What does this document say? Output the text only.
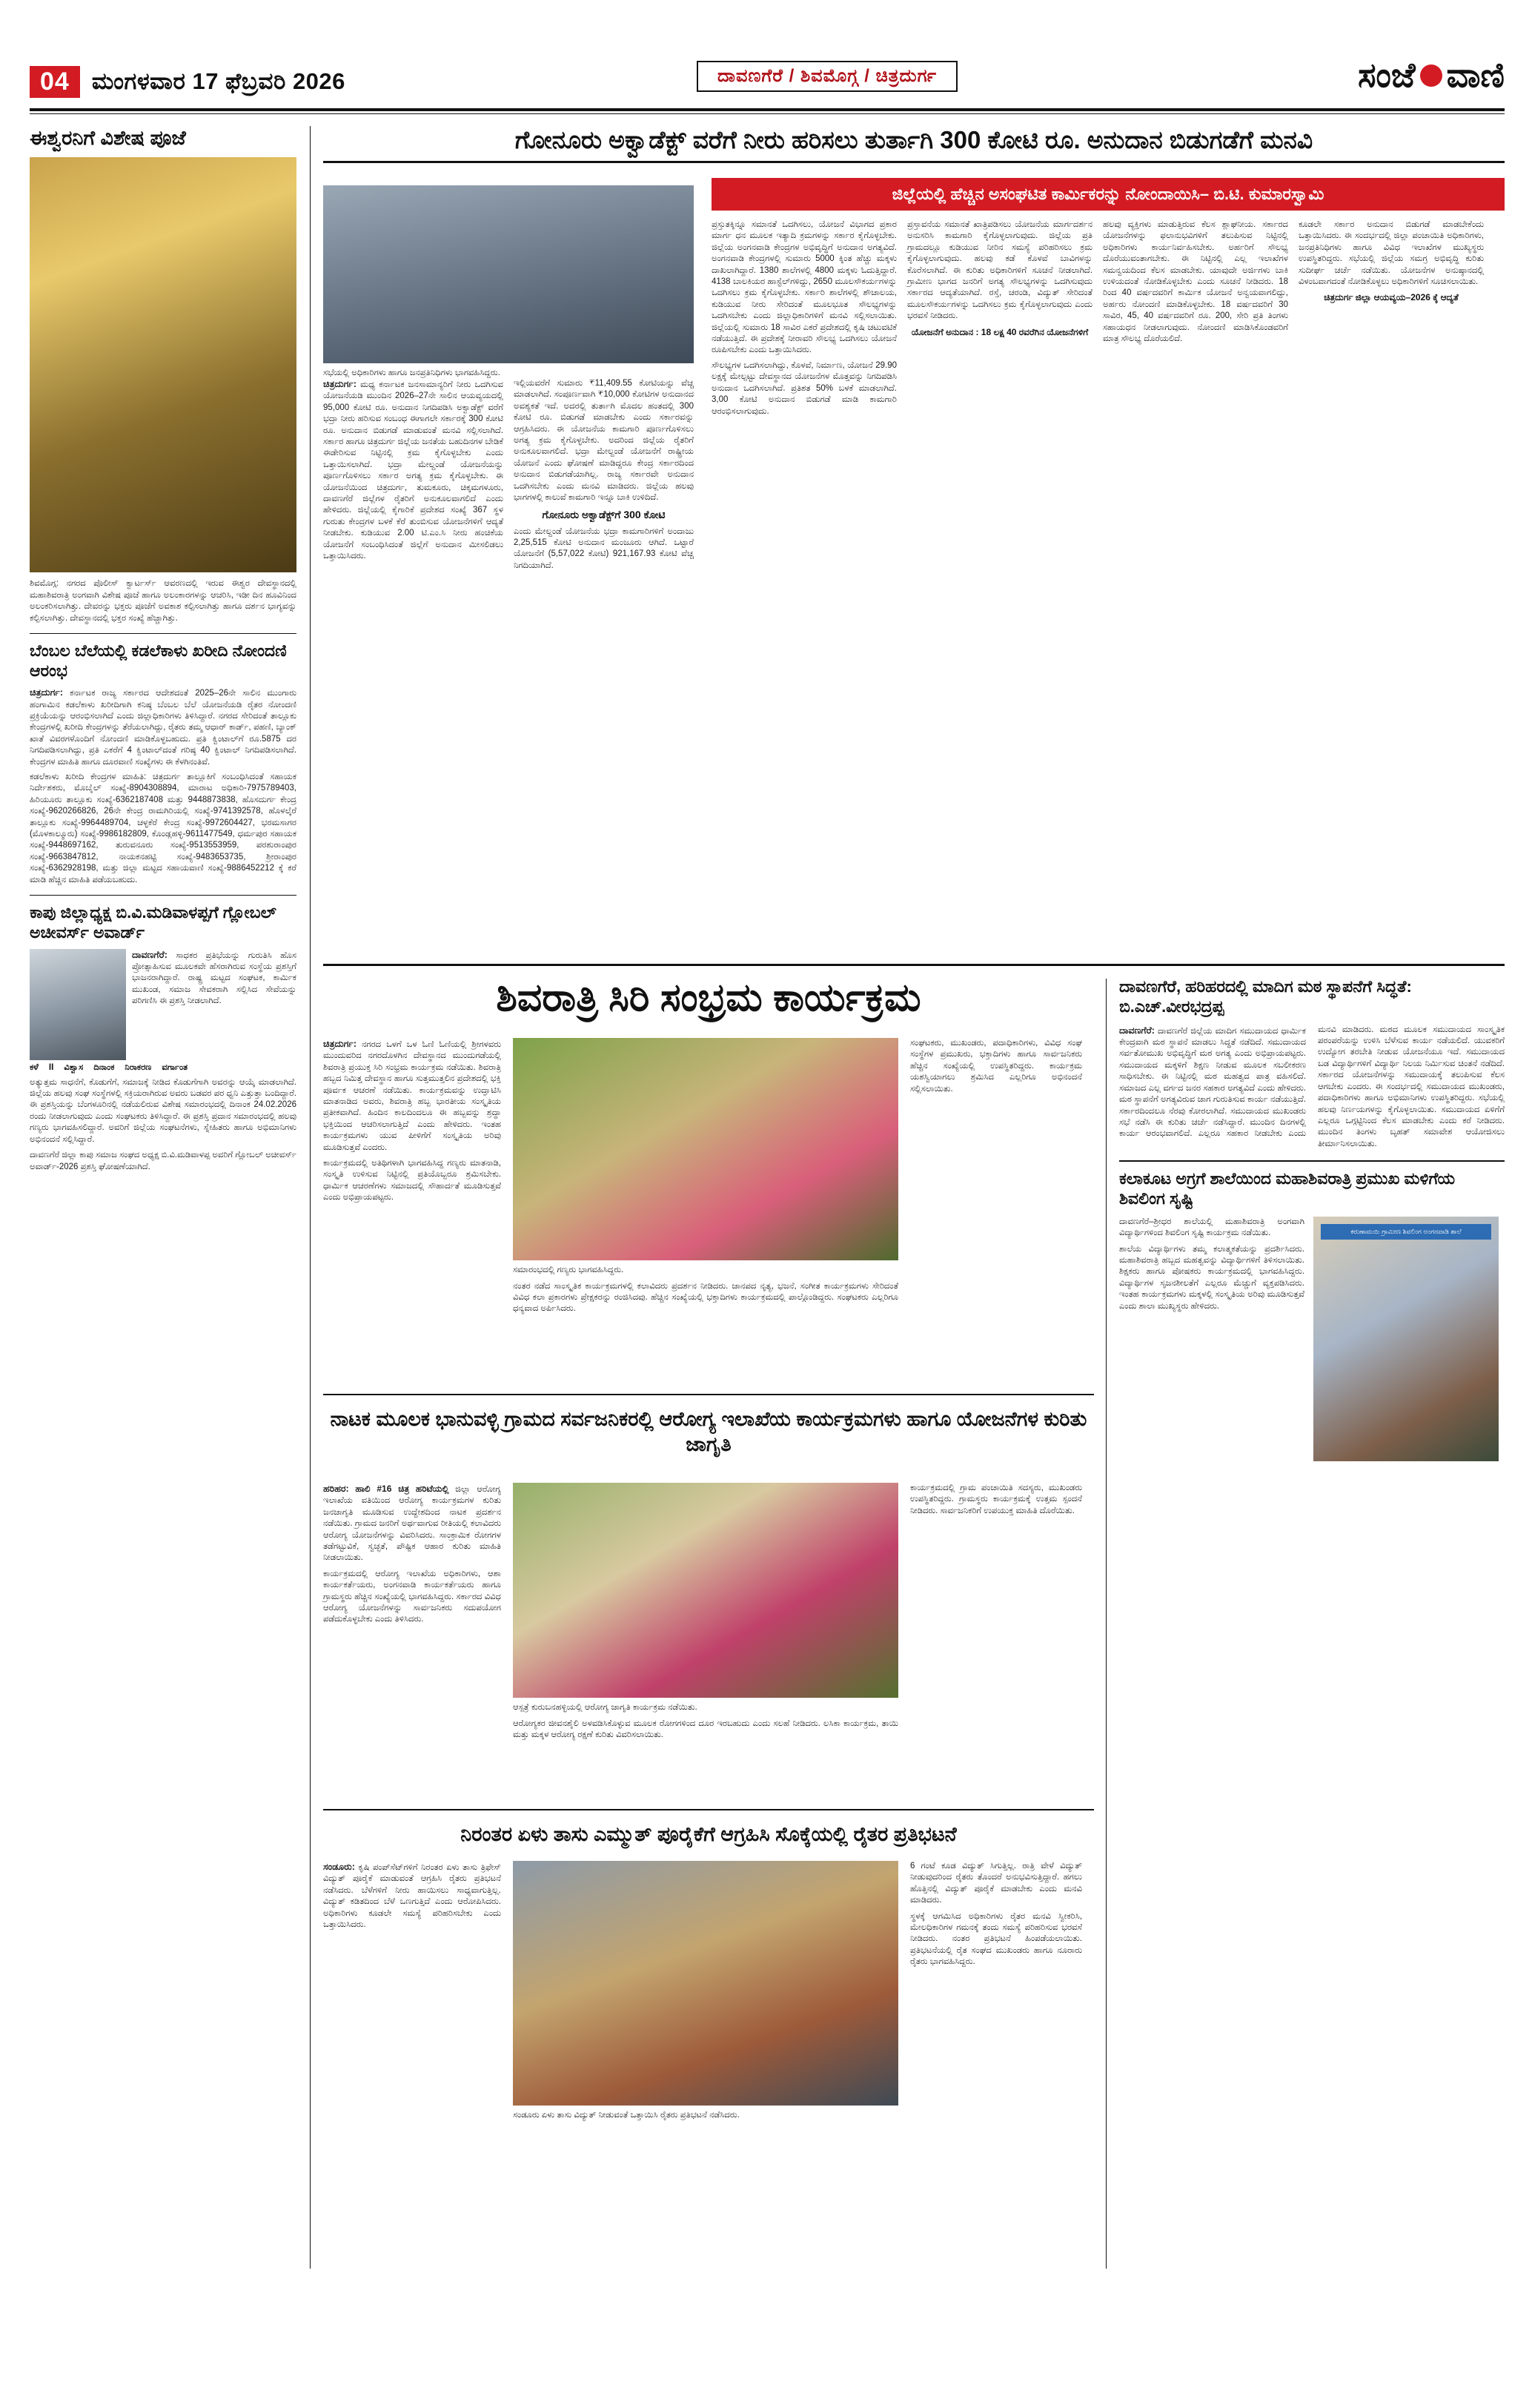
04 ಮಂಗಳವಾರ 17 ಫೆಬ್ರವರಿ 2026	ದಾವಣಗೆರೆ / ಶಿವಮೊಗ್ಗ / ಚಿತ್ರದುರ್ಗ	ಸಂಜೆ ವಾಣಿ
ಈಶ್ವರನಿಗೆ ವಿಶೇಷ ಪೂಜೆ
ಶಿವಮೊಗ್ಗ: ನಗರದ ಪೊಲೀಸ್ ಕ್ವಾರ್ಟರ್ಸ್ ಆವರಣದಲ್ಲಿ ಇರುವ ಈಶ್ವರ ದೇವಸ್ಥಾನದಲ್ಲಿ ಮಹಾಶಿವರಾತ್ರಿ ಅಂಗವಾಗಿ ವಿಶೇಷ ಪೂಜೆ ಹಾಗೂ ಅಲಂಕಾರಗಳನ್ನು ಆಚರಿಸಿ, ಇಡೀ ದಿನ ಹೂವಿನಿಂದ ಅಲಂಕರಿಸಲಾಗಿತ್ತು. ದೇವರನ್ನು ಭಕ್ತರು ಪೂಜೆಗೆ ಅವಕಾಶ ಕಲ್ಪಿಸಲಾಗಿತ್ತು ಹಾಗೂ ದರ್ಶನ ಭಾಗ್ಯವನ್ನು ಕಲ್ಪಿಸಲಾಗಿತ್ತು. ದೇವಸ್ಥಾನದಲ್ಲಿ ಭಕ್ತರ ಸಂಖ್ಯೆ ಹೆಚ್ಚಾಗಿತ್ತು.
ಬೆಂಬಲ ಬೆಲೆಯಲ್ಲಿ ಕಡಲೆಕಾಳು ಖರೀದಿ ನೋಂದಣಿ ಆರಂಭ
ಚಿತ್ರದುರ್ಗ: ಕರ್ನಾಟಕ ರಾಜ್ಯ ಸರ್ಕಾರದ ಆದೇಶದಂತೆ 2025–26ನೇ ಸಾಲಿನ ಮುಂಗಾರು ಹಂಗಾಮಿನ ಕಡಲೆಕಾಳು ಖರೀದಿಗಾಗಿ ಕನಿಷ್ಠ ಬೆಂಬಲ ಬೆಲೆ ಯೋಜನೆಯಡಿ ರೈತರ ನೋಂದಣಿ ಪ್ರಕ್ರಿಯೆಯನ್ನು ಆರಂಭಿಸಲಾಗಿದೆ ಎಂದು ಜಿಲ್ಲಾಧಿಕಾರಿಗಳು ತಿಳಿಸಿದ್ದಾರೆ. ನಗರದ ಸೇರಿದಂತೆ ತಾಲ್ಲೂಕು ಕೇಂದ್ರಗಳಲ್ಲಿ ಖರೀದಿ ಕೇಂದ್ರಗಳನ್ನು ತೆರೆಯಲಾಗಿದ್ದು, ರೈತರು ತಮ್ಮ ಆಧಾರ್ ಕಾರ್ಡ್, ಪಹಣಿ, ಬ್ಯಾಂಕ್ ಖಾತೆ ವಿವರಗಳೊಂದಿಗೆ ನೋಂದಣಿ ಮಾಡಿಕೊಳ್ಳಬಹುದು. ಪ್ರತಿ ಕ್ವಿಂಟಾಲ್‌ಗೆ ರೂ.5875 ದರ ನಿಗದಿಪಡಿಸಲಾಗಿದ್ದು, ಪ್ರತಿ ಎಕರೆಗೆ 4 ಕ್ವಿಂಟಾಲ್‌ದಂತೆ ಗರಿಷ್ಠ 40 ಕ್ವಿಂಟಾಲ್ ನಿಗದಿಪಡಿಸಲಾಗಿದೆ. ಕೇಂದ್ರಗಳ ಮಾಹಿತಿ ಹಾಗೂ ದೂರವಾಣಿ ಸಂಖ್ಯೆಗಳು ಈ ಕೆಳಗಿನಂತಿವೆ.
ಕಡಲೆಕಾಳು ಖರೀದಿ ಕೇಂದ್ರಗಳ ಮಾಹಿತಿ: ಚಿತ್ರದುರ್ಗ ತಾಲ್ಲೂಕಿಗೆ ಸಂಬಂಧಿಸಿದಂತೆ ಸಹಾಯಕ ನಿರ್ದೇಶಕರು, ಮೊಬೈಲ್ ಸಂಖ್ಯೆ-8904308894, ಮಾರಾಟ ಅಧಿಕಾರಿ-7975789403, ಹಿರಿಯೂರು ತಾಲ್ಲೂಕು ಸಂಖ್ಯೆ-6362187408 ಮತ್ತು 9448873838, ಹೊಸದುರ್ಗ ಕೇಂದ್ರ ಸಂಖ್ಯೆ-9620266826, 26ನೇ ಕೇಂದ್ರ ರಾಮಗಿರಿಯಲ್ಲಿ ಸಂಖ್ಯೆ-9741392578, ಹೊಳಲ್ಕೆರೆ ತಾಲ್ಲೂಕು ಸಂಖ್ಯೆ-9964489704, ಚಳ್ಳಕೆರೆ ಕೇಂದ್ರ ಸಂಖ್ಯೆ-9972604427, ಭರಮಸಾಗರ (ಮೊಳಕಾಲ್ಮೂರು) ಸಂಖ್ಯೆ-9986182809, ಕೊಂಡ್ಲಹಳ್ಳಿ-9611477549, ಧರ್ಮಪುರ ಸಹಾಯಕ ಸಂಖ್ಯೆ-9448697162, ತುರುವನೂರು ಸಂಖ್ಯೆ-9513553959, ಪರಶುರಾಂಪುರ ಸಂಖ್ಯೆ-9663847812, ನಾಯಕನಹಟ್ಟಿ ಸಂಖ್ಯೆ-9483653735, ಶ್ರೀರಾಂಪುರ ಸಂಖ್ಯೆ-6362928198, ಮತ್ತು ಜಿಲ್ಲಾ ಮಟ್ಟದ ಸಹಾಯವಾಣಿ ಸಂಖ್ಯೆ-9886452212 ಕ್ಕೆ ಕರೆ ಮಾಡಿ ಹೆಚ್ಚಿನ ಮಾಹಿತಿ ಪಡೆಯಬಹುದು.
ಕಾಪು ಜಿಲ್ಲಾಧ್ಯಕ್ಷ ಬಿ.ವಿ.ಮಡಿವಾಳಪ್ಪಗೆ ಗ್ಲೋಬಲ್ ಅಚೀವರ್ಸ್ ಅವಾರ್ಡ್
ದಾವಣಗೆರೆ: ಸಾಧಕರ ಪ್ರತಿಭೆಯನ್ನು ಗುರುತಿಸಿ ಹೊಸ ಪ್ರೋತ್ಸಾಹಿಸುವ ಮೂಲಕವೇ ಹೆಸರಾಗಿರುವ ಸಂಸ್ಥೆಯ ಪ್ರಶಸ್ತಿಗೆ ಭಾಜನರಾಗಿದ್ದಾರೆ. ರಾಷ್ಟ್ರ ಮಟ್ಟದ ಸಂಘಟಕ, ಕಾರ್ಮಿಕ ಮುಖಂಡ, ಸಮಾಜ ಸೇವಕರಾಗಿ ಸಲ್ಲಿಸಿದ ಸೇವೆಯನ್ನು ಪರಿಗಣಿಸಿ ಈ ಪ್ರಶಸ್ತಿ ನೀಡಲಾಗಿದೆ.
ಕಳೆ II ವಿಶ್ವಾಸ ದಿನಾಂಕ ನಿರಾಕರಣ ವರ್ಗಾಂತ
ಅತ್ಯುತ್ತಮ ಸಾಧನೆಗೆ, ಕೊಡುಗೆಗೆ, ಸಮಾಜಕ್ಕೆ ನೀಡಿದ ಕೊಡುಗೆಗಾಗಿ ಅವರನ್ನು ಆಯ್ಕೆ ಮಾಡಲಾಗಿದೆ. ಜಿಲ್ಲೆಯ ಹಲವು ಸಂಘ ಸಂಸ್ಥೆಗಳಲ್ಲಿ ಸಕ್ರಿಯರಾಗಿರುವ ಅವರು ಬಡವರ ಪರ ಧ್ವನಿ ಎತ್ತುತ್ತಾ ಬಂದಿದ್ದಾರೆ. ಈ ಪ್ರಶಸ್ತಿಯನ್ನು ಬೆಂಗಳೂರಿನಲ್ಲಿ ನಡೆಯಲಿರುವ ವಿಶೇಷ ಸಮಾರಂಭದಲ್ಲಿ ದಿನಾಂಕ 24.02.2026 ರಂದು ನೀಡಲಾಗುವುದು ಎಂದು ಸಂಘಟಕರು ತಿಳಿಸಿದ್ದಾರೆ. ಈ ಪ್ರಶಸ್ತಿ ಪ್ರದಾನ ಸಮಾರಂಭದಲ್ಲಿ ಹಲವು ಗಣ್ಯರು ಭಾಗವಹಿಸಲಿದ್ದಾರೆ. ಅವರಿಗೆ ಜಿಲ್ಲೆಯ ಸಂಘಟನೆಗಳು, ಸ್ನೇಹಿತರು ಹಾಗೂ ಅಭಿಮಾನಿಗಳು ಅಭಿನಂದನೆ ಸಲ್ಲಿಸಿದ್ದಾರೆ.
ದಾವಣಗೆರೆ ಜಿಲ್ಲಾ ಕಾಪು ಸಮಾಜ ಸಂಘದ ಅಧ್ಯಕ್ಷ ಬಿ.ವಿ.ಮಡಿವಾಳಪ್ಪ ಅವರಿಗೆ ಗ್ಲೋಬಲ್ ಅಚೀವರ್ಸ್ ಅವಾರ್ಡ್-2026 ಪ್ರಶಸ್ತಿ ಘೋಷಣೆಯಾಗಿದೆ.
ಗೋನೂರು ಅಕ್ವಾಡೆಕ್ಟ್ ವರೆಗೆ ನೀರು ಹರಿಸಲು ತುರ್ತಾಗಿ 300 ಕೋಟಿ ರೂ. ಅನುದಾನ ಬಿಡುಗಡೆಗೆ ಮನವಿ
ಜಿಲ್ಲೆಯಲ್ಲಿ ಹೆಚ್ಚಿನ ಅಸಂಘಟಿತ ಕಾರ್ಮಿಕರನ್ನು ನೋಂದಾಯಿಸಿ– ಬಿ.ಟಿ. ಕುಮಾರಸ್ವಾಮಿ
ಸಭೆಯಲ್ಲಿ ಅಧಿಕಾರಿಗಳು ಹಾಗೂ ಜನಪ್ರತಿನಿಧಿಗಳು ಭಾಗವಹಿಸಿದ್ದರು.
ಚಿತ್ರದುರ್ಗ: ಮಧ್ಯ ಕರ್ನಾಟಕ ಜನಸಾಮಾನ್ಯರಿಗೆ ನೀರು ಒದಗಿಸುವ ಯೋಜನೆಯಡಿ ಮುಂದಿನ 2026–27ನೇ ಸಾಲಿನ ಆಯವ್ಯಯದಲ್ಲಿ 95,000 ಕೋಟಿ ರೂ. ಅನುದಾನ ನಿಗದಿಪಡಿಸಿ ಅಕ್ವಾಡೆಕ್ಟ್ ವರೆಗೆ ಭದ್ರಾ ನೀರು ಹರಿಸುವ ಸಂಬಂಧ ಈಗಾಗಲೇ ಸರ್ಕಾರಕ್ಕೆ 300 ಕೋಟಿ ರೂ. ಅನುದಾನ ಬಿಡುಗಡೆ ಮಾಡುವಂತೆ ಮನವಿ ಸಲ್ಲಿಸಲಾಗಿದೆ. ಸರ್ಕಾರ ಹಾಗೂ ಚಿತ್ರದುರ್ಗ ಜಿಲ್ಲೆಯ ಜನತೆಯ ಬಹುದಿನಗಳ ಬೇಡಿಕೆ ಈಡೇರಿಸುವ ನಿಟ್ಟಿನಲ್ಲಿ ಕ್ರಮ ಕೈಗೊಳ್ಳಬೇಕು ಎಂದು ಒತ್ತಾಯಿಸಲಾಗಿದೆ. ಭದ್ರಾ ಮೇಲ್ದಂಡೆ ಯೋಜನೆಯನ್ನು ಪೂರ್ಣಗೊಳಿಸಲು ಸರ್ಕಾರ ಅಗತ್ಯ ಕ್ರಮ ಕೈಗೊಳ್ಳಬೇಕು. ಈ ಯೋಜನೆಯಿಂದ ಚಿತ್ರದುರ್ಗ, ತುಮಕೂರು, ಚಿಕ್ಕಮಗಳೂರು, ದಾವಣಗೆರೆ ಜಿಲ್ಲೆಗಳ ರೈತರಿಗೆ ಅನುಕೂಲವಾಗಲಿದೆ ಎಂದು ಹೇಳಿದರು. ಜಿಲ್ಲೆಯಲ್ಲಿ ಕೈಗಾರಿಕೆ ಪ್ರದೇಶದ ಸಂಖ್ಯೆ 367 ಸ್ಥಳ ಗುರುತು ಕೇಂದ್ರಗಳ ಬಳಕೆ ಕೆರೆ ತುಂಬಿಸುವ ಯೋಜನೆಗಳಿಗೆ ಆದ್ಯತೆ ನೀಡಬೇಕು. ಕುಡಿಯುವ 2.00 ಟಿ.ಎಂ.ಸಿ ನೀರು ಹಂಚಿಕೆಯ ಯೋಜನೆಗೆ ಸಂಬಂಧಿಸಿದಂತೆ ಜಿಲ್ಲೆಗೆ ಅನುದಾನ ಮೀಸಲಿಡಲು ಒತ್ತಾಯಿಸಿದರು.
ಇಲ್ಲಿಯವರೆಗೆ ಸುಮಾರು ₹11,409.55 ಕೋಟಿಯನ್ನು ವೆಚ್ಚ ಮಾಡಲಾಗಿದೆ. ಸಂಪೂರ್ಣವಾಗಿ ₹10,000 ಕೋಟಿಗಳ ಅನುದಾನದ ಅವಶ್ಯಕತೆ ಇದೆ. ಅದರಲ್ಲಿ ತುರ್ತಾಗಿ ಮೊದಲ ಹಂತದಲ್ಲಿ 300 ಕೋಟಿ ರೂ. ಬಿಡುಗಡೆ ಮಾಡಬೇಕು ಎಂದು ಸರ್ಕಾರವನ್ನು ಆಗ್ರಹಿಸಿದರು. ಈ ಯೋಜನೆಯ ಕಾಮಗಾರಿ ಪೂರ್ಣಗೊಳಿಸಲು ಅಗತ್ಯ ಕ್ರಮ ಕೈಗೊಳ್ಳಬೇಕು. ಅದರಿಂದ ಜಿಲ್ಲೆಯ ರೈತರಿಗೆ ಅನುಕೂಲವಾಗಲಿದೆ. ಭದ್ರಾ ಮೇಲ್ದಂಡೆ ಯೋಜನೆಗೆ ರಾಷ್ಟ್ರೀಯ ಯೋಜನೆ ಎಂದು ಘೋಷಣೆ ಮಾಡಿದ್ದರೂ ಕೇಂದ್ರ ಸರ್ಕಾರದಿಂದ ಅನುದಾನ ಬಿಡುಗಡೆಯಾಗಿಲ್ಲ. ರಾಜ್ಯ ಸರ್ಕಾರವೇ ಅನುದಾನ ಒದಗಿಸಬೇಕು ಎಂದು ಮನವಿ ಮಾಡಿದರು. ಜಿಲ್ಲೆಯ ಹಲವು ಭಾಗಗಳಲ್ಲಿ ಕಾಲುವೆ ಕಾಮಗಾರಿ ಇನ್ನೂ ಬಾಕಿ ಉಳಿದಿದೆ.
ಗೋನೂರು ಅಕ್ವಾಡೆಕ್ಟ್‌ಗೆ 300 ಕೋಟಿ
ಎಂದು ಮೇಲ್ದಂಡೆ ಯೋಜನೆಯ ಭದ್ರಾ ಕಾಮಗಾರಿಗಳಿಗೆ ಅಂದಾಜು 2,25,515 ಕೋಟಿ ಅನುದಾನ ಮಂಜೂರು ಆಗಿದೆ. ಒಟ್ಟಾರೆ ಯೋಜನೆಗೆ (5,57,022 ಕೋಟಿ) 921,167.93 ಕೋಟಿ ವೆಚ್ಚ ನಿಗದಿಯಾಗಿದೆ.
ಪ್ರಸ್ತುತಕ್ಕಿನ್ನೂ ಸಮಾನತೆ ಒದಗಿಸಲು, ಯೋಜನೆ ವಿಭಾಗದ ಪ್ರಕಾರ ಮಾರ್ಗ ಧನ ಮೂಲಕ ಇತ್ಯಾದಿ ಕ್ರಮಗಳನ್ನು ಸರ್ಕಾರ ಕೈಗೊಳ್ಳಬೇಕು. ಜಿಲ್ಲೆಯ ಅಂಗನವಾಡಿ ಕೇಂದ್ರಗಳ ಅಭಿವೃದ್ಧಿಗೆ ಅನುದಾನ ಅಗತ್ಯವಿದೆ. ಅಂಗನವಾಡಿ ಕೇಂದ್ರಗಳಲ್ಲಿ ಸುಮಾರು 5000 ಕ್ಕಿಂತ ಹೆಚ್ಚು ಮಕ್ಕಳು ದಾಖಲಾಗಿದ್ದಾರೆ. 1380 ಶಾಲೆಗಳಲ್ಲಿ 4800 ಮಕ್ಕಳು ಓದುತ್ತಿದ್ದಾರೆ. 4138 ಬಾಲಕಿಯರ ಹಾಸ್ಟೆಲ್‌ಗಳಿದ್ದು, 2650 ಮೂಲಸೌಕರ್ಯಗಳನ್ನು ಒದಗಿಸಲು ಕ್ರಮ ಕೈಗೊಳ್ಳಬೇಕು. ಸರ್ಕಾರಿ ಶಾಲೆಗಳಲ್ಲಿ ಶೌಚಾಲಯ, ಕುಡಿಯುವ ನೀರು ಸೇರಿದಂತೆ ಮೂಲಭೂತ ಸೌಲಭ್ಯಗಳನ್ನು ಒದಗಿಸಬೇಕು ಎಂದು ಜಿಲ್ಲಾಧಿಕಾರಿಗಳಿಗೆ ಮನವಿ ಸಲ್ಲಿಸಲಾಯಿತು. ಜಿಲ್ಲೆಯಲ್ಲಿ ಸುಮಾರು 18 ಸಾವಿರ ಎಕರೆ ಪ್ರದೇಶದಲ್ಲಿ ಕೃಷಿ ಚಟುವಟಿಕೆ ನಡೆಯುತ್ತಿದೆ. ಈ ಪ್ರದೇಶಕ್ಕೆ ನೀರಾವರಿ ಸೌಲಭ್ಯ ಒದಗಿಸಲು ಯೋಜನೆ ರೂಪಿಸಬೇಕು ಎಂದು ಒತ್ತಾಯಿಸಿದರು.
ಸೌಲಭ್ಯಗಳ ಒದಗಿಸಲಾಗಿದ್ದು, ಕೊಳವೆ, ನಿರ್ಮಾಣ, ಯೋಜನೆ 29.90 ಲಕ್ಷಕ್ಕೆ ಮೇಲ್ಪಟ್ಟು ದೇವಸ್ಥಾನದ ಯೋಜನೆಗಳ ಮೊತ್ತವನ್ನು ನಿಗದಿಪಡಿಸಿ ಅನುದಾನ ಒದಗಿಸಲಾಗಿದೆ. ಪ್ರತಿಶತ 50% ಬಳಕೆ ಮಾಡಲಾಗಿದೆ. 3,00 ಕೋಟಿ ಅನುದಾನ ಬಿಡುಗಡೆ ಮಾಡಿ ಕಾಮಗಾರಿ ಆರಂಭಿಸಲಾಗುವುದು.
ಪ್ರಸ್ತಾವನೆಯ ಸಮಾನತೆ ಖಾತ್ರಿಪಡಿಸಲು ಯೋಜನೆಯ ಮಾರ್ಗದರ್ಶನ ಅನುಸರಿಸಿ ಕಾಮಗಾರಿ ಕೈಗೊಳ್ಳಲಾಗುವುದು. ಜಿಲ್ಲೆಯ ಪ್ರತಿ ಗ್ರಾಮದಲ್ಲೂ ಕುಡಿಯುವ ನೀರಿನ ಸಮಸ್ಯೆ ಪರಿಹರಿಸಲು ಕ್ರಮ ಕೈಗೊಳ್ಳಲಾಗುವುದು. ಹಲವು ಕಡೆ ಕೊಳವೆ ಬಾವಿಗಳನ್ನು ಕೊರೆಸಲಾಗಿದೆ. ಈ ಕುರಿತು ಅಧಿಕಾರಿಗಳಿಗೆ ಸೂಚನೆ ನೀಡಲಾಗಿದೆ. ಗ್ರಾಮೀಣ ಭಾಗದ ಜನರಿಗೆ ಅಗತ್ಯ ಸೌಲಭ್ಯಗಳನ್ನು ಒದಗಿಸುವುದು ಸರ್ಕಾರದ ಆದ್ಯತೆಯಾಗಿದೆ. ರಸ್ತೆ, ಚರಂಡಿ, ವಿದ್ಯುತ್ ಸೇರಿದಂತೆ ಮೂಲಸೌಕರ್ಯಗಳನ್ನು ಒದಗಿಸಲು ಕ್ರಮ ಕೈಗೊಳ್ಳಲಾಗುವುದು ಎಂದು ಭರವಸೆ ನೀಡಿದರು.
ಯೋಜನೆಗೆ ಅನುದಾನ : 18 ಲಕ್ಷ 40 ರವರೆಗಿನ ಯೋಜನೆಗಳಿಗೆ
ಹಲವು ವ್ಯಕ್ತಿಗಳು ಮಾಡುತ್ತಿರುವ ಕೆಲಸ ಶ್ಲಾಘನೀಯ. ಸರ್ಕಾರದ ಯೋಜನೆಗಳನ್ನು ಫಲಾನುಭವಿಗಳಿಗೆ ತಲುಪಿಸುವ ನಿಟ್ಟಿನಲ್ಲಿ ಅಧಿಕಾರಿಗಳು ಕಾರ್ಯನಿರ್ವಹಿಸಬೇಕು. ಅರ್ಹರಿಗೆ ಸೌಲಭ್ಯ ದೊರೆಯುವಂತಾಗಬೇಕು. ಈ ನಿಟ್ಟಿನಲ್ಲಿ ಎಲ್ಲ ಇಲಾಖೆಗಳ ಸಮನ್ವಯದಿಂದ ಕೆಲಸ ಮಾಡಬೇಕು. ಯಾವುದೇ ಅರ್ಜಿಗಳು ಬಾಕಿ ಉಳಿಯದಂತೆ ನೋಡಿಕೊಳ್ಳಬೇಕು ಎಂದು ಸೂಚನೆ ನೀಡಿದರು. 18 ರಿಂದ 40 ವರ್ಷದವರಿಗೆ ಕಾರ್ಮಿಕ ಯೋಜನೆ ಅನ್ವಯವಾಗಲಿದ್ದು, ಅರ್ಹರು ನೋಂದಣಿ ಮಾಡಿಕೊಳ್ಳಬೇಕು. 18 ವರ್ಷದವರಿಗೆ 30 ಸಾವಿರ, 45, 40 ವರ್ಷದವರಿಗೆ ರೂ. 200, ಸೇರಿ ಪ್ರತಿ ತಿಂಗಳು ಸಹಾಯಧನ ನೀಡಲಾಗುವುದು. ನೋಂದಣಿ ಮಾಡಿಸಿಕೊಂಡವರಿಗೆ ಮಾತ್ರ ಸೌಲಭ್ಯ ದೊರೆಯಲಿದೆ.
ಕೂಡಲೇ ಸರ್ಕಾರ ಅನುದಾನ ಬಿಡುಗಡೆ ಮಾಡಬೇಕೆಂದು ಒತ್ತಾಯಿಸಿದರು. ಈ ಸಂದರ್ಭದಲ್ಲಿ ಜಿಲ್ಲಾ ಪಂಚಾಯಿತಿ ಅಧಿಕಾರಿಗಳು, ಜನಪ್ರತಿನಿಧಿಗಳು ಹಾಗೂ ವಿವಿಧ ಇಲಾಖೆಗಳ ಮುಖ್ಯಸ್ಥರು ಉಪಸ್ಥಿತರಿದ್ದರು. ಸಭೆಯಲ್ಲಿ ಜಿಲ್ಲೆಯ ಸಮಗ್ರ ಅಭಿವೃದ್ಧಿ ಕುರಿತು ಸುದೀರ್ಘ ಚರ್ಚೆ ನಡೆಯಿತು. ಯೋಜನೆಗಳ ಅನುಷ್ಠಾನದಲ್ಲಿ ವಿಳಂಬವಾಗದಂತೆ ನೋಡಿಕೊಳ್ಳಲು ಅಧಿಕಾರಿಗಳಿಗೆ ಸೂಚಿಸಲಾಯಿತು.
ಚಿತ್ರದುರ್ಗ ಜಿಲ್ಲಾ ಆಯವ್ಯಯ–2026 ಕ್ಕೆ ಆದ್ಯತೆ
ಶಿವರಾತ್ರಿ ಸಿರಿ ಸಂಭ್ರಮ ಕಾರ್ಯಕ್ರಮ
ಚಿತ್ರದುರ್ಗ: ನಗರದ ಒಳಗೆ ಒಳ ಓಣಿ ಓಣಿಯಲ್ಲಿ ಶ್ರೀಗಳವರು ಮುಂದುವರಿದ ನಗರದೊಳಗಿನ ದೇವಸ್ಥಾನದ ಮುಂದುಗಡೆಯಲ್ಲಿ ಶಿವರಾತ್ರಿ ಪ್ರಯುಕ್ತ ಸಿರಿ ಸಂಭ್ರಮ ಕಾರ್ಯಕ್ರಮ ನಡೆಯಿತು. ಶಿವರಾತ್ರಿ ಹಬ್ಬದ ನಿಮಿತ್ತ ದೇವಸ್ಥಾನ ಹಾಗೂ ಸುತ್ತಮುತ್ತಲಿನ ಪ್ರದೇಶದಲ್ಲಿ ಭಕ್ತಿ ಪೂರ್ವಕ ಆಚರಣೆ ನಡೆಯಿತು. ಕಾರ್ಯಕ್ರಮವನ್ನು ಉದ್ಘಾಟಿಸಿ ಮಾತನಾಡಿದ ಅವರು, ಶಿವರಾತ್ರಿ ಹಬ್ಬ ಭಾರತೀಯ ಸಂಸ್ಕೃತಿಯ ಪ್ರತೀಕವಾಗಿದೆ. ಹಿಂದಿನ ಕಾಲದಿಂದಲೂ ಈ ಹಬ್ಬವನ್ನು ಶ್ರದ್ಧಾ ಭಕ್ತಿಯಿಂದ ಆಚರಿಸಲಾಗುತ್ತಿದೆ ಎಂದು ಹೇಳಿದರು. ಇಂತಹ ಕಾರ್ಯಕ್ರಮಗಳು ಯುವ ಪೀಳಿಗೆಗೆ ಸಂಸ್ಕೃತಿಯ ಅರಿವು ಮೂಡಿಸುತ್ತವೆ ಎಂದರು.
ಕಾರ್ಯಕ್ರಮದಲ್ಲಿ ಅತಿಥಿಗಳಾಗಿ ಭಾಗವಹಿಸಿದ್ದ ಗಣ್ಯರು ಮಾತನಾಡಿ, ಸಂಸ್ಕೃತಿ ಉಳಿಸುವ ನಿಟ್ಟಿನಲ್ಲಿ ಪ್ರತಿಯೊಬ್ಬರೂ ಶ್ರಮಿಸಬೇಕು. ಧಾರ್ಮಿಕ ಆಚರಣೆಗಳು ಸಮಾಜದಲ್ಲಿ ಸೌಹಾರ್ದತೆ ಮೂಡಿಸುತ್ತವೆ ಎಂದು ಅಭಿಪ್ರಾಯಪಟ್ಟರು.
ಸಮಾರಂಭದಲ್ಲಿ ಗಣ್ಯರು ಭಾಗವಹಿಸಿದ್ದರು.
ನಂತರ ನಡೆದ ಸಾಂಸ್ಕೃತಿಕ ಕಾರ್ಯಕ್ರಮಗಳಲ್ಲಿ ಕಲಾವಿದರು ಪ್ರದರ್ಶನ ನೀಡಿದರು. ಜಾನಪದ ನೃತ್ಯ, ಭಜನೆ, ಸಂಗೀತ ಕಾರ್ಯಕ್ರಮಗಳು ಸೇರಿದಂತೆ ವಿವಿಧ ಕಲಾ ಪ್ರಕಾರಗಳು ಪ್ರೇಕ್ಷಕರನ್ನು ರಂಜಿಸಿದವು. ಹೆಚ್ಚಿನ ಸಂಖ್ಯೆಯಲ್ಲಿ ಭಕ್ತಾದಿಗಳು ಕಾರ್ಯಕ್ರಮದಲ್ಲಿ ಪಾಲ್ಗೊಂಡಿದ್ದರು. ಸಂಘಟಕರು ಎಲ್ಲರಿಗೂ ಧನ್ಯವಾದ ಅರ್ಪಿಸಿದರು.
ಸಂಘಟಕರು, ಮುಖಂಡರು, ಪದಾಧಿಕಾರಿಗಳು, ವಿವಿಧ ಸಂಘ ಸಂಸ್ಥೆಗಳ ಪ್ರಮುಖರು, ಭಕ್ತಾದಿಗಳು ಹಾಗೂ ಸಾರ್ವಜನಿಕರು ಹೆಚ್ಚಿನ ಸಂಖ್ಯೆಯಲ್ಲಿ ಉಪಸ್ಥಿತರಿದ್ದರು. ಕಾರ್ಯಕ್ರಮ ಯಶಸ್ವಿಯಾಗಲು ಶ್ರಮಿಸಿದ ಎಲ್ಲರಿಗೂ ಅಭಿನಂದನೆ ಸಲ್ಲಿಸಲಾಯಿತು.
ನಾಟಕ ಮೂಲಕ ಭಾನುವಳ್ಳಿ ಗ್ರಾಮದ ಸರ್ವಜನಿಕರಲ್ಲಿ ಆರೋಗ್ಯ ಇಲಾಖೆಯ ಕಾರ್ಯಕ್ರಮಗಳು ಹಾಗೂ ಯೋಜನೆಗಳ ಕುರಿತು ಜಾಗೃತಿ
ಹರಿಹರ: ಹಾಲಿ #16 ಚಿತ್ರ ಹರಿಟೆಯಲ್ಲಿ ಜಿಲ್ಲಾ ಆರೋಗ್ಯ ಇಲಾಖೆಯ ವತಿಯಿಂದ ಆರೋಗ್ಯ ಕಾರ್ಯಕ್ರಮಗಳ ಕುರಿತು ಜನಜಾಗೃತಿ ಮೂಡಿಸುವ ಉದ್ದೇಶದಿಂದ ನಾಟಕ ಪ್ರದರ್ಶನ ನಡೆಯಿತು. ಗ್ರಾಮದ ಜನರಿಗೆ ಅರ್ಥವಾಗುವ ರೀತಿಯಲ್ಲಿ ಕಲಾವಿದರು ಆರೋಗ್ಯ ಯೋಜನೆಗಳನ್ನು ವಿವರಿಸಿದರು. ಸಾಂಕ್ರಾಮಿಕ ರೋಗಗಳ ತಡೆಗಟ್ಟುವಿಕೆ, ಸ್ವಚ್ಛತೆ, ಪೌಷ್ಟಿಕ ಆಹಾರ ಕುರಿತು ಮಾಹಿತಿ ನೀಡಲಾಯಿತು.
ಕಾರ್ಯಕ್ರಮದಲ್ಲಿ ಆರೋಗ್ಯ ಇಲಾಖೆಯ ಅಧಿಕಾರಿಗಳು, ಆಶಾ ಕಾರ್ಯಕರ್ತೆಯರು, ಅಂಗನವಾಡಿ ಕಾರ್ಯಕರ್ತೆಯರು ಹಾಗೂ ಗ್ರಾಮಸ್ಥರು ಹೆಚ್ಚಿನ ಸಂಖ್ಯೆಯಲ್ಲಿ ಭಾಗವಹಿಸಿದ್ದರು. ಸರ್ಕಾರದ ವಿವಿಧ ಆರೋಗ್ಯ ಯೋಜನೆಗಳನ್ನು ಸಾರ್ವಜನಿಕರು ಸದುಪಯೋಗ ಪಡೆದುಕೊಳ್ಳಬೇಕು ಎಂದು ತಿಳಿಸಿದರು.
ಆಸ್ಪತ್ರೆ ಕುರುಬನಹಳ್ಳಿಯಲ್ಲಿ ಆರೋಗ್ಯ ಜಾಗೃತಿ ಕಾರ್ಯಕ್ರಮ ನಡೆಯಿತು.
ಆರೋಗ್ಯಕರ ಜೀವನಶೈಲಿ ಅಳವಡಿಸಿಕೊಳ್ಳುವ ಮೂಲಕ ರೋಗಗಳಿಂದ ದೂರ ಇರಬಹುದು ಎಂದು ಸಲಹೆ ನೀಡಿದರು. ಲಸಿಕಾ ಕಾರ್ಯಕ್ರಮ, ತಾಯಿ ಮತ್ತು ಮಕ್ಕಳ ಆರೋಗ್ಯ ರಕ್ಷಣೆ ಕುರಿತು ವಿವರಿಸಲಾಯಿತು.
ಕಾರ್ಯಕ್ರಮದಲ್ಲಿ ಗ್ರಾಮ ಪಂಚಾಯಿತಿ ಸದಸ್ಯರು, ಮುಖಂಡರು ಉಪಸ್ಥಿತರಿದ್ದರು. ಗ್ರಾಮಸ್ಥರು ಕಾರ್ಯಕ್ರಮಕ್ಕೆ ಉತ್ತಮ ಸ್ಪಂದನೆ ನೀಡಿದರು. ಸಾರ್ವಜನಿಕರಿಗೆ ಉಪಯುಕ್ತ ಮಾಹಿತಿ ದೊರೆಯಿತು.
ನಿರಂತರ ಏಳು ತಾಸು ಎಮ್ಮುತ್ ಪೂರೈಕೆಗೆ ಆಗ್ರಹಿಸಿ ಸೊಕ್ಕೆಯಲ್ಲಿ ರೈತರ ಪ್ರತಿಭಟನೆ
ಸಂಡೂರು: ಕೃಷಿ ಪಂಪ್‌ಸೆಟ್‌ಗಳಿಗೆ ನಿರಂತರ ಏಳು ತಾಸು ತ್ರಿಫೇಸ್ ವಿದ್ಯುತ್ ಪೂರೈಕೆ ಮಾಡುವಂತೆ ಆಗ್ರಹಿಸಿ ರೈತರು ಪ್ರತಿಭಟನೆ ನಡೆಸಿದರು. ಬೆಳೆಗಳಿಗೆ ನೀರು ಹಾಯಿಸಲು ಸಾಧ್ಯವಾಗುತ್ತಿಲ್ಲ. ವಿದ್ಯುತ್ ಕಡಿತದಿಂದ ಬೆಳೆ ಒಣಗುತ್ತಿದೆ ಎಂದು ಆರೋಪಿಸಿದರು. ಅಧಿಕಾರಿಗಳು ಕೂಡಲೇ ಸಮಸ್ಯೆ ಪರಿಹರಿಸಬೇಕು ಎಂದು ಒತ್ತಾಯಿಸಿದರು.
ಸಂಡೂರು ಏಳು ತಾಸು ವಿದ್ಯುತ್ ನೀಡುವಂತೆ ಒತ್ತಾಯಿಸಿ ರೈತರು ಪ್ರತಿಭಟನೆ ನಡೆಸಿದರು.
6 ಗಂಟೆ ಕೂಡ ವಿದ್ಯುತ್ ಸಿಗುತ್ತಿಲ್ಲ. ರಾತ್ರಿ ವೇಳೆ ವಿದ್ಯುತ್ ನೀಡುವುದರಿಂದ ರೈತರು ತೊಂದರೆ ಅನುಭವಿಸುತ್ತಿದ್ದಾರೆ. ಹಗಲು ಹೊತ್ತಿನಲ್ಲಿ ವಿದ್ಯುತ್ ಪೂರೈಕೆ ಮಾಡಬೇಕು ಎಂದು ಮನವಿ ಮಾಡಿದರು.
ಸ್ಥಳಕ್ಕೆ ಆಗಮಿಸಿದ ಅಧಿಕಾರಿಗಳು ರೈತರ ಮನವಿ ಸ್ವೀಕರಿಸಿ, ಮೇಲಧಿಕಾರಿಗಳ ಗಮನಕ್ಕೆ ತಂದು ಸಮಸ್ಯೆ ಪರಿಹರಿಸುವ ಭರವಸೆ ನೀಡಿದರು. ನಂತರ ಪ್ರತಿಭಟನೆ ಹಿಂಪಡೆಯಲಾಯಿತು. ಪ್ರತಿಭಟನೆಯಲ್ಲಿ ರೈತ ಸಂಘದ ಮುಖಂಡರು ಹಾಗೂ ನೂರಾರು ರೈತರು ಭಾಗವಹಿಸಿದ್ದರು.
ದಾವಣಗೆರೆ, ಹರಿಹರದಲ್ಲಿ ಮಾದಿಗ ಮಠ ಸ್ಥಾಪನೆಗೆ ಸಿದ್ಧತೆ: ಬಿ.ಎಚ್.ವೀರಭದ್ರಪ್ಪ
ದಾವಣಗೆರೆ: ದಾವಣಗೆರೆ ಜಿಲ್ಲೆಯ ಮಾದಿಗ ಸಮುದಾಯದ ಧಾರ್ಮಿಕ ಕೇಂದ್ರವಾಗಿ ಮಠ ಸ್ಥಾಪನೆ ಮಾಡಲು ಸಿದ್ಧತೆ ನಡೆದಿದೆ. ಸಮುದಾಯದ ಸರ್ವತೋಮುಖ ಅಭಿವೃದ್ಧಿಗೆ ಮಠ ಅಗತ್ಯ ಎಂದು ಅಭಿಪ್ರಾಯಪಟ್ಟರು. ಸಮುದಾಯದ ಮಕ್ಕಳಿಗೆ ಶಿಕ್ಷಣ ನೀಡುವ ಮೂಲಕ ಸಬಲೀಕರಣ ಸಾಧಿಸಬೇಕು. ಈ ನಿಟ್ಟಿನಲ್ಲಿ ಮಠ ಮಹತ್ವದ ಪಾತ್ರ ವಹಿಸಲಿದೆ. ಸಮಾಜದ ಎಲ್ಲ ವರ್ಗದ ಜನರ ಸಹಕಾರ ಅಗತ್ಯವಿದೆ ಎಂದು ಹೇಳಿದರು. ಮಠ ಸ್ಥಾಪನೆಗೆ ಅಗತ್ಯವಿರುವ ಜಾಗ ಗುರುತಿಸುವ ಕಾರ್ಯ ನಡೆಯುತ್ತಿದೆ. ಸರ್ಕಾರದಿಂದಲೂ ನೆರವು ಕೋರಲಾಗಿದೆ. ಸಮುದಾಯದ ಮುಖಂಡರು ಸಭೆ ನಡೆಸಿ ಈ ಕುರಿತು ಚರ್ಚೆ ನಡೆಸಿದ್ದಾರೆ. ಮುಂದಿನ ದಿನಗಳಲ್ಲಿ ಕಾರ್ಯ ಆರಂಭವಾಗಲಿದೆ. ಎಲ್ಲರೂ ಸಹಕಾರ ನೀಡಬೇಕು ಎಂದು ಮನವಿ ಮಾಡಿದರು. ಮಠದ ಮೂಲಕ ಸಮುದಾಯದ ಸಾಂಸ್ಕೃತಿಕ ಪರಂಪರೆಯನ್ನು ಉಳಿಸಿ ಬೆಳೆಸುವ ಕಾರ್ಯ ನಡೆಯಲಿದೆ. ಯುವಕರಿಗೆ ಉದ್ಯೋಗ ತರಬೇತಿ ನೀಡುವ ಯೋಜನೆಯೂ ಇದೆ. ಸಮುದಾಯದ ಬಡ ವಿದ್ಯಾರ್ಥಿಗಳಿಗೆ ವಿದ್ಯಾರ್ಥಿ ನಿಲಯ ನಿರ್ಮಿಸುವ ಚಿಂತನೆ ನಡೆದಿದೆ. ಸರ್ಕಾರದ ಯೋಜನೆಗಳನ್ನು ಸಮುದಾಯಕ್ಕೆ ತಲುಪಿಸುವ ಕೆಲಸ ಆಗಬೇಕು ಎಂದರು. ಈ ಸಂದರ್ಭದಲ್ಲಿ ಸಮುದಾಯದ ಮುಖಂಡರು, ಪದಾಧಿಕಾರಿಗಳು ಹಾಗೂ ಅಭಿಮಾನಿಗಳು ಉಪಸ್ಥಿತರಿದ್ದರು. ಸಭೆಯಲ್ಲಿ ಹಲವು ನಿರ್ಣಯಗಳನ್ನು ಕೈಗೊಳ್ಳಲಾಯಿತು. ಸಮುದಾಯದ ಏಳಿಗೆಗೆ ಎಲ್ಲರೂ ಒಗ್ಗಟ್ಟಿನಿಂದ ಕೆಲಸ ಮಾಡಬೇಕು ಎಂದು ಕರೆ ನೀಡಿದರು. ಮುಂದಿನ ತಿಂಗಳು ಬೃಹತ್ ಸಮಾವೇಶ ಆಯೋಜಿಸಲು ತೀರ್ಮಾನಿಸಲಾಯಿತು.
ಕಲಾಕೂಟ ಅಗ್ರಗೆ ಶಾಲೆಯಿಂದ ಮಹಾಶಿವರಾತ್ರಿ ಪ್ರಮುಖ ಮಳಿಗೆಯ ಶಿವಲಿಂಗ ಸೃಷ್ಟಿ
ದಾವಣಗೆರೆ–ಶ್ರೀಧರ ಶಾಲೆಯಲ್ಲಿ ಮಹಾಶಿವರಾತ್ರಿ ಅಂಗವಾಗಿ ವಿದ್ಯಾರ್ಥಿಗಳಿಂದ ಶಿವಲಿಂಗ ಸೃಷ್ಟಿ ಕಾರ್ಯಕ್ರಮ ನಡೆಯಿತು.
ಶಾಲೆಯ ವಿದ್ಯಾರ್ಥಿಗಳು ತಮ್ಮ ಕಲಾತ್ಮಕತೆಯನ್ನು ಪ್ರದರ್ಶಿಸಿದರು. ಮಹಾಶಿವರಾತ್ರಿ ಹಬ್ಬದ ಮಹತ್ವವನ್ನು ವಿದ್ಯಾರ್ಥಿಗಳಿಗೆ ತಿಳಿಸಲಾಯಿತು. ಶಿಕ್ಷಕರು ಹಾಗೂ ಪೋಷಕರು ಕಾರ್ಯಕ್ರಮದಲ್ಲಿ ಭಾಗವಹಿಸಿದ್ದರು. ವಿದ್ಯಾರ್ಥಿಗಳ ಸೃಜನಶೀಲತೆಗೆ ಎಲ್ಲರೂ ಮೆಚ್ಚುಗೆ ವ್ಯಕ್ತಪಡಿಸಿದರು. ಇಂತಹ ಕಾರ್ಯಕ್ರಮಗಳು ಮಕ್ಕಳಲ್ಲಿ ಸಂಸ್ಕೃತಿಯ ಅರಿವು ಮೂಡಿಸುತ್ತವೆ ಎಂದು ಶಾಲಾ ಮುಖ್ಯಸ್ಥರು ಹೇಳಿದರು.
ಕರುಣಾಮಯಿ ಗ್ರಾಮೀಣ ಶಿವಲಿಂಗ ಅಂಗನವಾಡಿ ಶಾಲೆ
